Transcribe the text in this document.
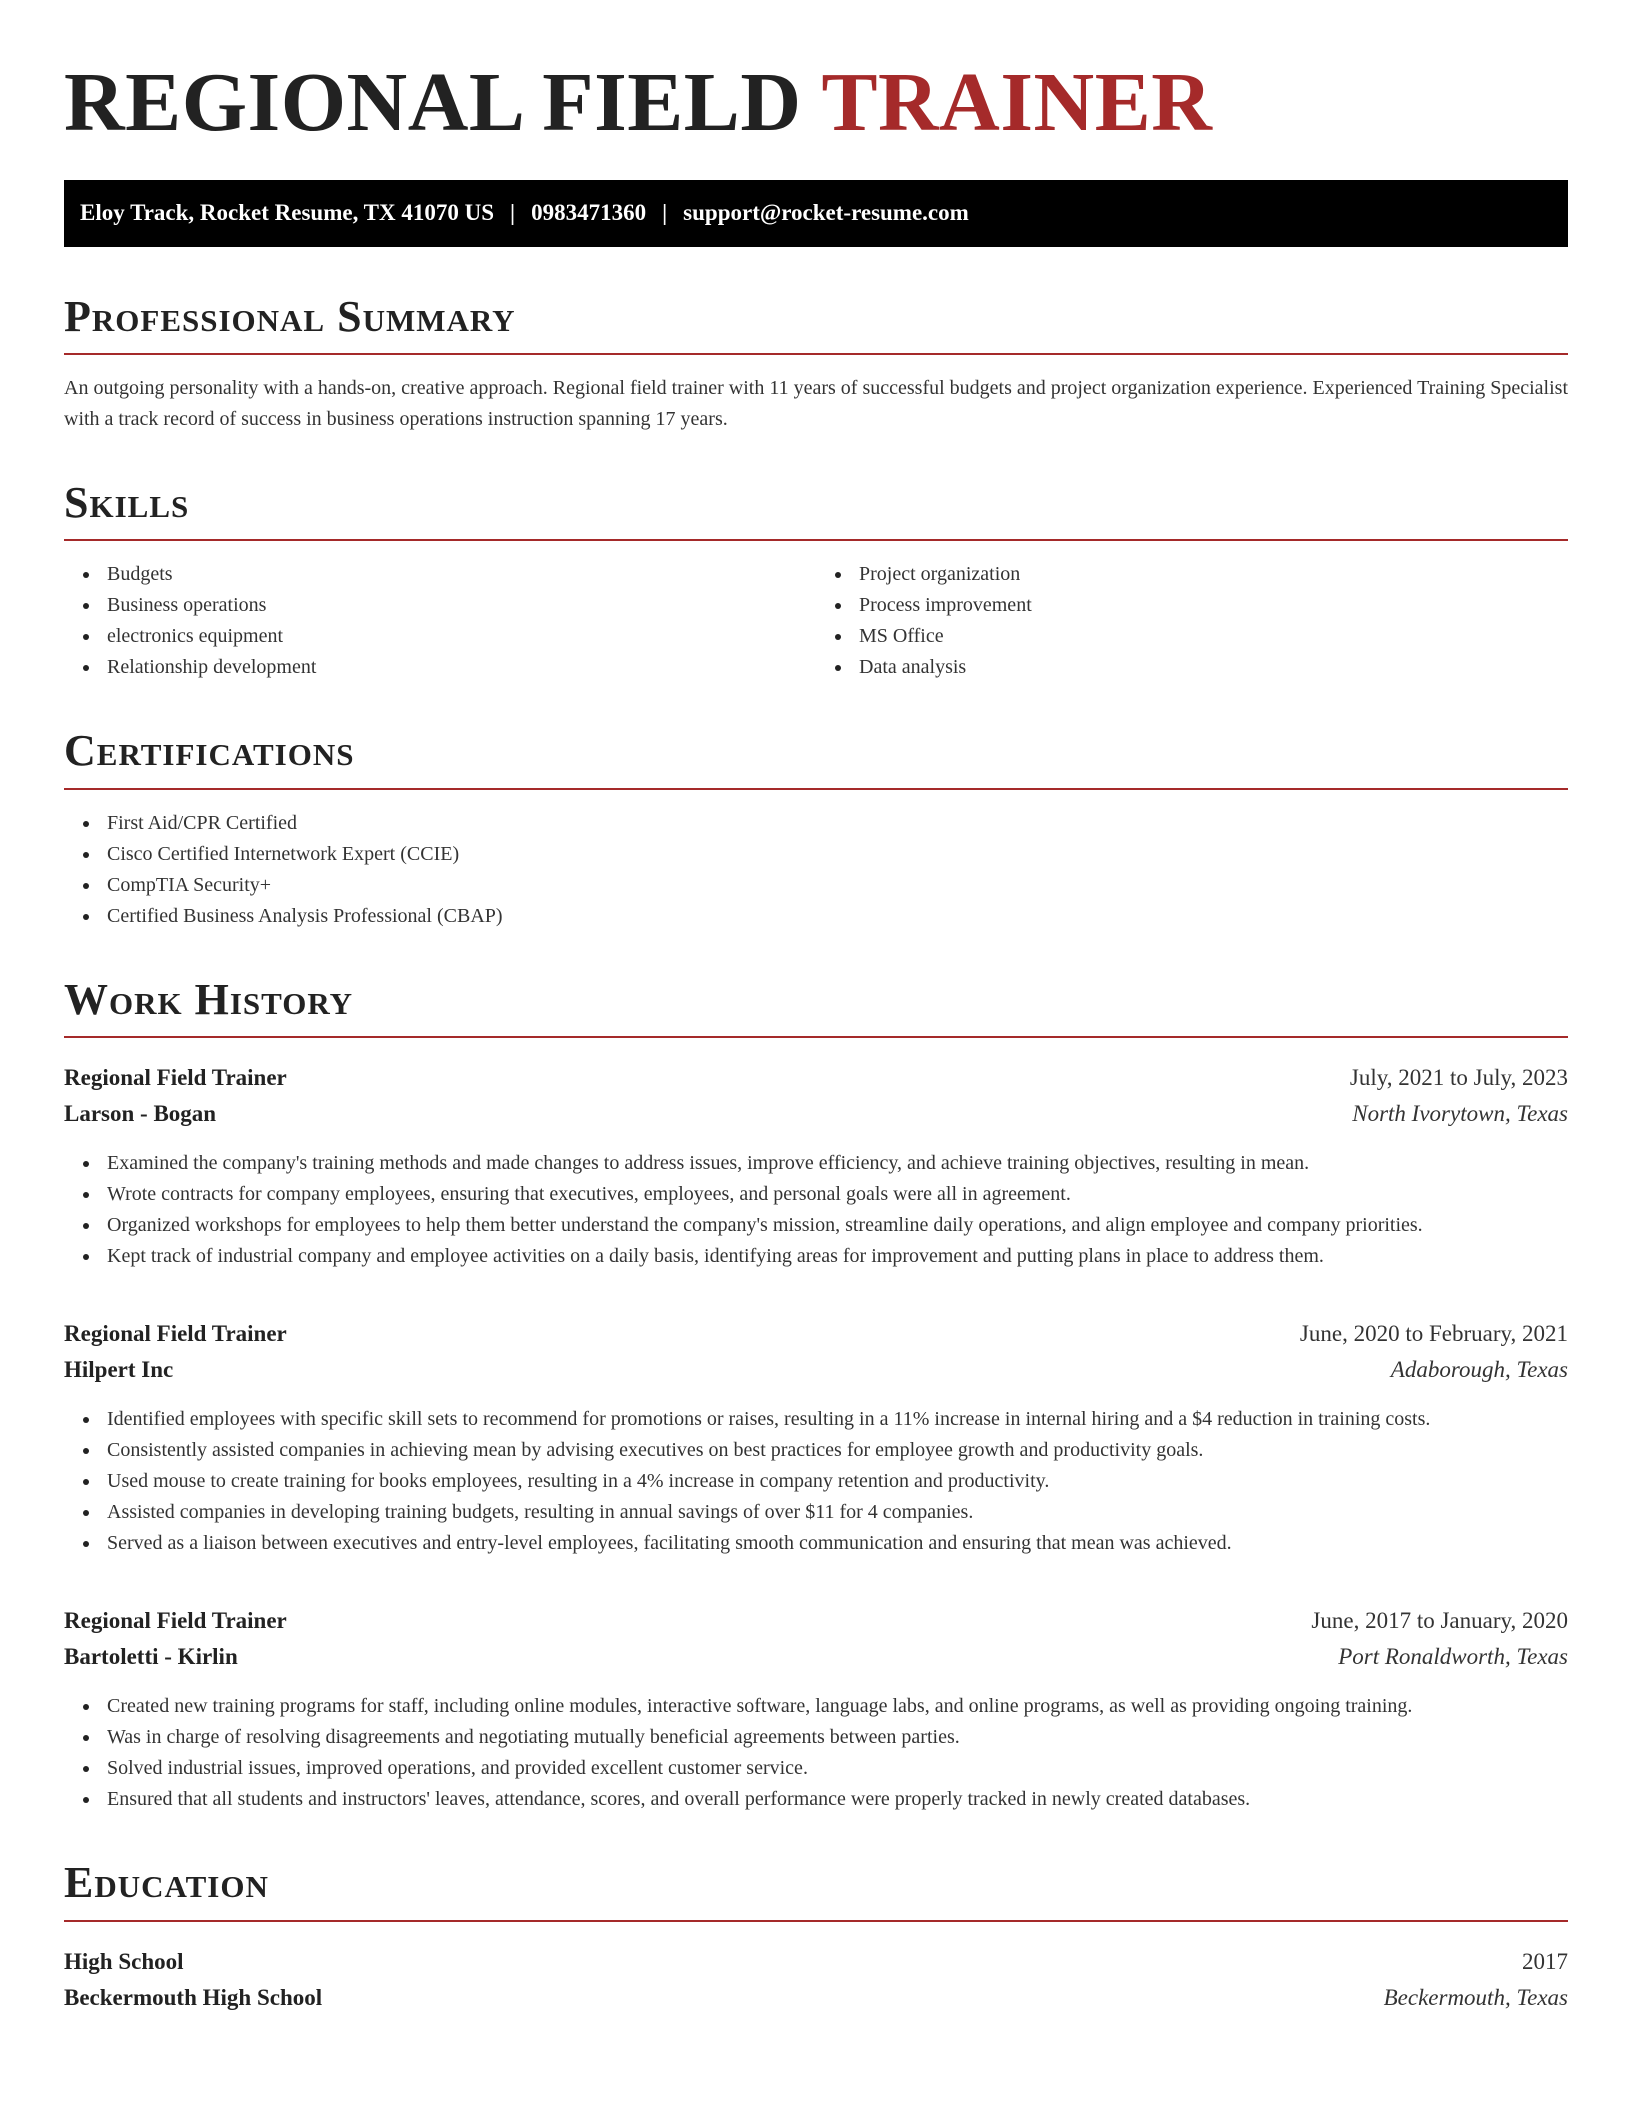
REGIONAL FIELD TRAINER
Eloy Track, Rocket Resume, TX 41070 US | 0983471360 | support@rocket-resume.com
Professional Summary

An outgoing personality with a hands-on, creative approach. Regional field trainer with 11 years of successful budgets and project organization experience. Experienced Training Specialist with a track record of success in business operations instruction spanning 17 years.

Skills
Budgets
Business operations
electronics equipment
Relationship development
Project organization
Process improvement
MS Office
Data analysis
Certifications
First Aid/CPR Certified
Cisco Certified Internetwork Expert (CCIE)
CompTIA Security+
Certified Business Analysis Professional (CBAP)
Work History
Regional Field Trainer	July, 2021 to July, 2023
Larson - Bogan	North Ivorytown, Texas
Examined the company's training methods and made changes to address issues, improve efficiency, and achieve training objectives, resulting in mean.
Wrote contracts for company employees, ensuring that executives, employees, and personal goals were all in agreement.
Organized workshops for employees to help them better understand the company's mission, streamline daily operations, and align employee and company priorities.
Kept track of industrial company and employee activities on a daily basis, identifying areas for improvement and putting plans in place to address them.
Regional Field Trainer	June, 2020 to February, 2021
Hilpert Inc	Adaborough, Texas
Identified employees with specific skill sets to recommend for promotions or raises, resulting in a 11% increase in internal hiring and a $4 reduction in training costs.
Consistently assisted companies in achieving mean by advising executives on best practices for employee growth and productivity goals.
Used mouse to create training for books employees, resulting in a 4% increase in company retention and productivity.
Assisted companies in developing training budgets, resulting in annual savings of over $11 for 4 companies.
Served as a liaison between executives and entry-level employees, facilitating smooth communication and ensuring that mean was achieved.
Regional Field Trainer	June, 2017 to January, 2020
Bartoletti - Kirlin	Port Ronaldworth, Texas
Created new training programs for staff, including online modules, interactive software, language labs, and online programs, as well as providing ongoing training.
Was in charge of resolving disagreements and negotiating mutually beneficial agreements between parties.
Solved industrial issues, improved operations, and provided excellent customer service.
Ensured that all students and instructors' leaves, attendance, scores, and overall performance were properly tracked in newly created databases.
Education
High School	2017
Beckermouth High School	Beckermouth, Texas
